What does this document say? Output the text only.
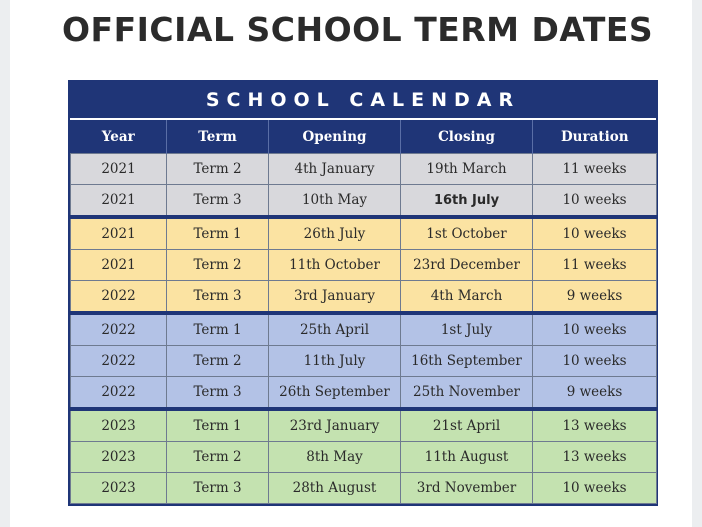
OFFICIAL SCHOOL TERM DATES
SCHOOL CALENDAR
Year	Term	Opening	Closing	Duration
2021	Term 2	4th January	19th March	11 weeks
2021	Term 3	10th May	16th July	10 weeks
2021	Term 1	26th July	1st October	10 weeks
2021	Term 2	11th October	23rd December	11 weeks
2022	Term 3	3rd January	4th March	9 weeks
2022	Term 1	25th April	1st July	10 weeks
2022	Term 2	11th July	16th September	10 weeks
2022	Term 3	26th September	25th November	9 weeks
2023	Term 1	23rd January	21st April	13 weeks
2023	Term 2	8th May	11th August	13 weeks
2023	Term 3	28th August	3rd November	10 weeks
